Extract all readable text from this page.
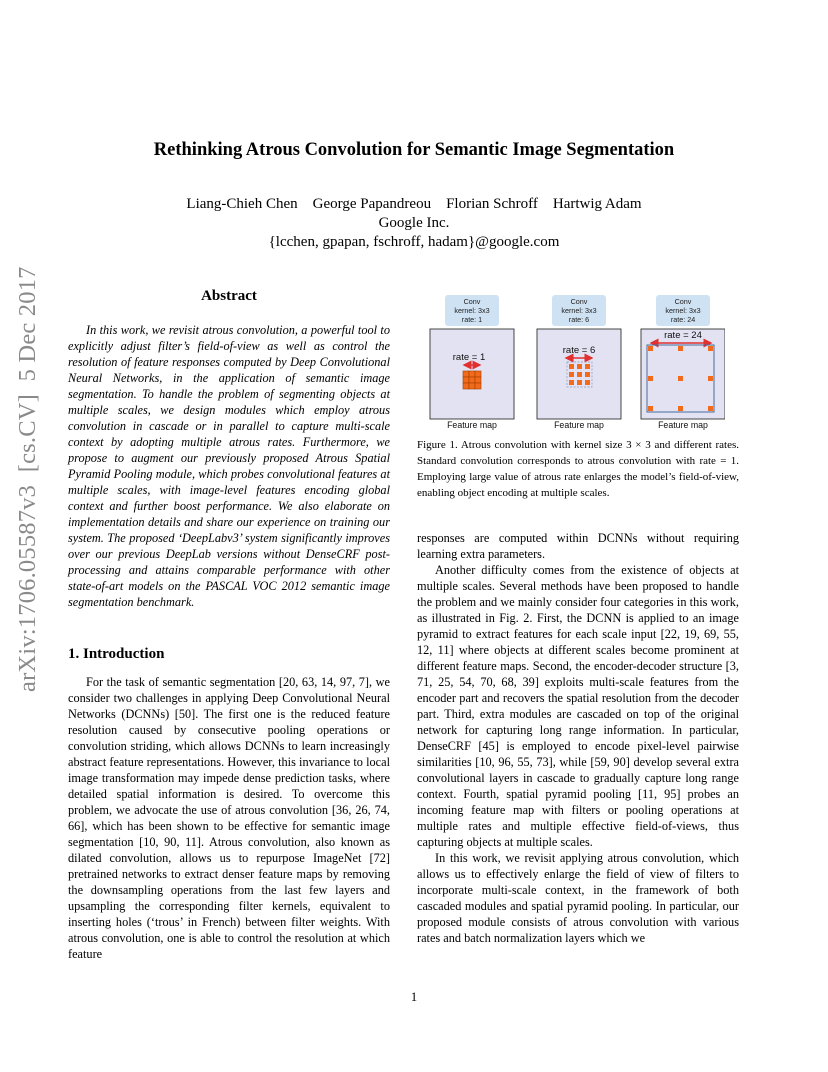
Rethinking Atrous Convolution for Semantic Image Segmentation
Liang-Chieh Chen    George Papandreou    Florian Schroff    Hartwig Adam
Google Inc.
{lcchen, gpapan, fschroff, hadam}@google.com
arXiv:1706.05587v3  [cs.CV]  5 Dec 2017	Abstract
In this work, we revisit atrous convolution, a powerful tool to explicitly adjust filter’s field-of-view as well as control the resolution of feature responses computed by Deep Convolutional Neural Networks, in the application of semantic image segmentation. To handle the problem of segmenting objects at multiple scales, we design modules which employ atrous convolution in cascade or in parallel to capture multi-scale context by adopting multiple atrous rates. Furthermore, we propose to augment our previously proposed Atrous Spatial Pyramid Pooling module, which probes convolutional features at multiple scales, with image-level features encoding global context and further boost performance. We also elaborate on implementation details and share our experience on training our system. The proposed ‘DeepLabv3’ system significantly improves over our previous DeepLab versions without DenseCRF post-processing and attains comparable performance with other state-of-art models on the PASCAL VOC 2012 semantic image segmentation benchmark.
1. Introduction

For the task of semantic segmentation [20, 63, 14, 97, 7], we consider two challenges in applying Deep Convolutional Neural Networks (DCNNs) [50]. The first one is the reduced feature resolution caused by consecutive pooling operations or convolution striding, which allows DCNNs to learn increasingly abstract feature representations. However, this invariance to local image transformation may impede dense prediction tasks, where detailed spatial information is desired. To overcome this problem, we advocate the use of atrous convolution [36, 26, 74, 66], which has been shown to be effective for semantic image segmentation [10, 90, 11]. Atrous convolution, also known as dilated convolution, allows us to repurpose ImageNet [72] pretrained networks to extract denser feature maps by removing the downsampling operations from the last few layers and upsampling the corresponding filter kernels, equivalent to inserting holes (‘trous’ in French) between filter weights. With atrous convolution, one is able to control the resolution at which feature

Conv
kernel: 3x3
rate: 1
Feature map
rate = 1
Conv
kernel: 3x3
rate: 6
Feature map
rate = 6
Conv
kernel: 3x3
rate: 24
Feature map
rate = 24
Figure 1. Atrous convolution with kernel size 3 × 3 and different rates. Standard convolution corresponds to atrous convolution with rate = 1. Employing large value of atrous rate enlarges the model’s field-of-view, enabling object encoding at multiple scales.

responses are computed within DCNNs without requiring learning extra parameters.

Another difficulty comes from the existence of objects at multiple scales. Several methods have been proposed to handle the problem and we mainly consider four categories in this work, as illustrated in Fig. 2. First, the DCNN is applied to an image pyramid to extract features for each scale input [22, 19, 69, 55, 12, 11] where objects at different scales become prominent at different feature maps. Second, the encoder-decoder structure [3, 71, 25, 54, 70, 68, 39] exploits multi-scale features from the encoder part and recovers the spatial resolution from the decoder part. Third, extra modules are cascaded on top of the original network for capturing long range information. In particular, DenseCRF [45] is employed to encode pixel-level pairwise similarities [10, 96, 55, 73], while [59, 90] develop several extra convolutional layers in cascade to gradually capture long range context. Fourth, spatial pyramid pooling [11, 95] probes an incoming feature map with filters or pooling operations at multiple rates and multiple effective field-of-views, thus capturing objects at multiple scales.

In this work, we revisit applying atrous convolution, which allows us to effectively enlarge the field of view of filters to incorporate multi-scale context, in the framework of both cascaded modules and spatial pyramid pooling. In particular, our proposed module consists of atrous convolution with various rates and batch normalization layers which we

1
